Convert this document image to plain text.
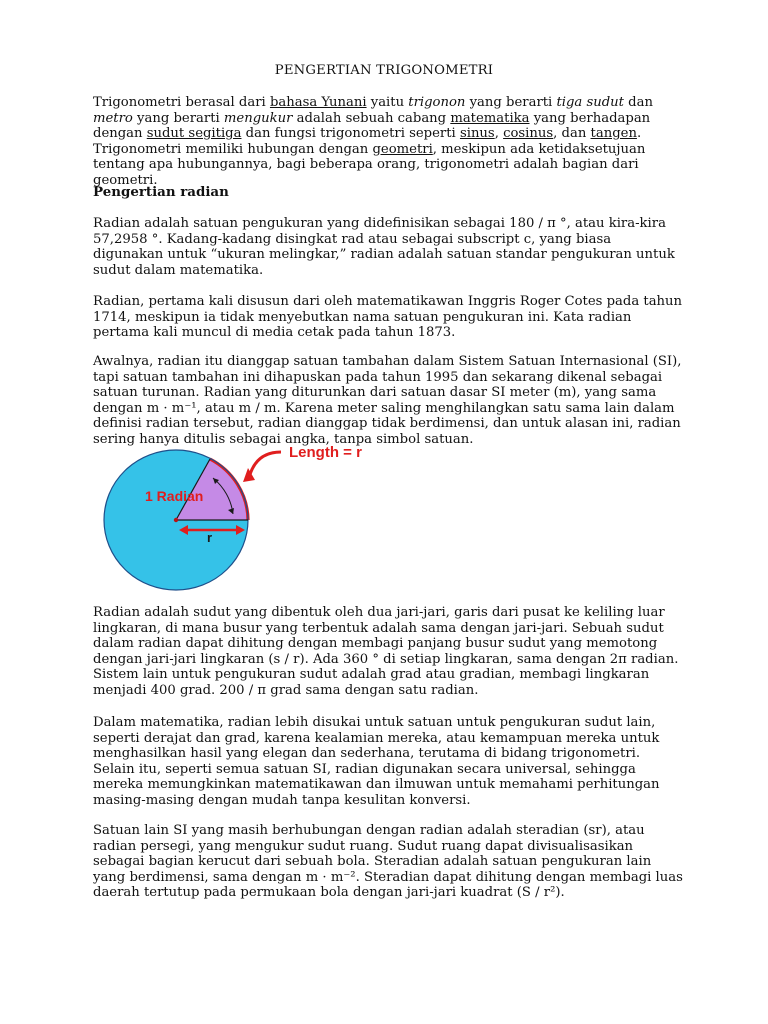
PENGERTIAN TRIGONOMETRI

Trigonometri berasal dari bahasa Yunani yaitu trigonon yang berarti tiga sudut dan metro yang berarti mengukur adalah sebuah cabang matematika yang berhadapan dengan sudut segitiga dan fungsi trigonometri seperti sinus, cosinus, dan tangen. Trigonometri memiliki hubungan dengan geometri, meskipun ada ketidaksetujuan tentang apa hubungannya, bagi beberapa orang, trigonometri adalah bagian dari geometri.

Pengertian radian

Radian adalah satuan pengukuran yang didefinisikan sebagai 180 / π °, atau kira-kira 57,2958 °. Kadang-kadang disingkat rad atau sebagai subscript c, yang biasa digunakan untuk “ukuran melingkar,” radian adalah satuan standar pengukuran untuk sudut dalam matematika.

Radian, pertama kali disusun dari oleh matematikawan Inggris Roger Cotes pada tahun 1714, meskipun ia tidak menyebutkan nama satuan pengukuran ini. Kata radian pertama kali muncul di media cetak pada tahun 1873.

Awalnya, radian itu dianggap satuan tambahan dalam Sistem Satuan Internasional (SI), tapi satuan tambahan ini dihapuskan pada tahun 1995 dan sekarang dikenal sebagai satuan turunan. Radian yang diturunkan dari satuan dasar SI meter (m), yang sama dengan m · m⁻¹, atau m / m. Karena meter saling menghilangkan satu sama lain dalam definisi radian tersebut, radian dianggap tidak berdimensi, dan untuk alasan ini, radian sering hanya ditulis sebagai angka, tanpa simbol satuan.

Length = r
1 Radian
r

Radian adalah sudut yang dibentuk oleh dua jari-jari, garis dari pusat ke keliling luar lingkaran, di mana busur yang terbentuk adalah sama dengan jari-jari. Sebuah sudut dalam radian dapat dihitung dengan membagi panjang busur sudut yang memotong dengan jari-jari lingkaran (s / r). Ada 360 ° di setiap lingkaran, sama dengan 2π radian. Sistem lain untuk pengukuran sudut adalah grad atau gradian, membagi lingkaran menjadi 400 grad. 200 / π grad sama dengan satu radian.

Dalam matematika, radian lebih disukai untuk satuan untuk pengukuran sudut lain, seperti derajat dan grad, karena kealamian mereka, atau kemampuan mereka untuk menghasilkan hasil yang elegan dan sederhana, terutama di bidang trigonometri. Selain itu, seperti semua satuan SI, radian digunakan secara universal, sehingga mereka memungkinkan matematikawan dan ilmuwan untuk memahami perhitungan masing-masing dengan mudah tanpa kesulitan konversi.

Satuan lain SI yang masih berhubungan dengan radian adalah steradian (sr), atau radian persegi, yang mengukur sudut ruang. Sudut ruang dapat divisualisasikan sebagai bagian kerucut dari sebuah bola. Steradian adalah satuan pengukuran lain yang berdimensi, sama dengan m · m⁻². Steradian dapat dihitung dengan membagi luas daerah tertutup pada permukaan bola dengan jari-jari kuadrat (S / r²).
